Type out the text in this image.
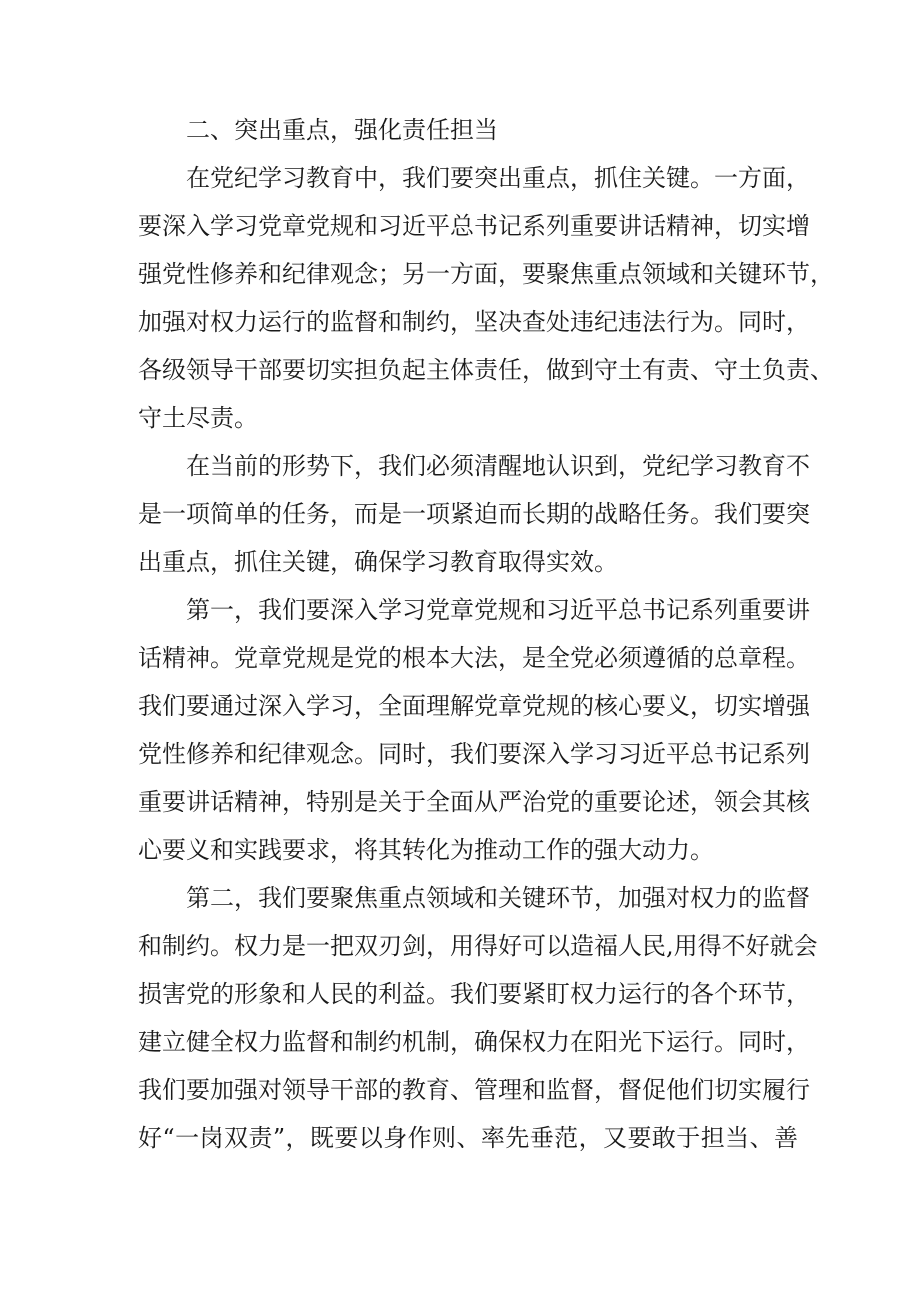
二、突出重点，强化责任担当
在党纪学习教育中，我们要突出重点，抓住关键。一方面，
要深入学习党章党规和习近平总书记系列重要讲话精神，切实增
强党性修养和纪律观念；另一方面，要聚焦重点领域和关键环节，
加强对权力运行的监督和制约，坚决查处违纪违法行为。同时，
各级领导干部要切实担负起主体责任，做到守土有责、守土负责、
守土尽责。
在当前的形势下，我们必须清醒地认识到，党纪学习教育不
是一项简单的任务，而是一项紧迫而长期的战略任务。我们要突
出重点，抓住关键，确保学习教育取得实效。
第一，我们要深入学习党章党规和习近平总书记系列重要讲
话精神。党章党规是党的根本大法，是全党必须遵循的总章程。
我们要通过深入学习，全面理解党章党规的核心要义，切实增强
党性修养和纪律观念。同时，我们要深入学习习近平总书记系列
重要讲话精神，特别是关于全面从严治党的重要论述，领会其核
心要义和实践要求，将其转化为推动工作的强大动力。
第二，我们要聚焦重点领域和关键环节，加强对权力的监督
和制约。权力是一把双刃剑，用得好可以造福人民,用得不好就会
损害党的形象和人民的利益。我们要紧盯权力运行的各个环节，
建立健全权力监督和制约机制，确保权力在阳光下运行。同时，
我们要加强对领导干部的教育、管理和监督，督促他们切实履行
好“一岗双责”，既要以身作则、率先垂范，又要敢于担当、善
